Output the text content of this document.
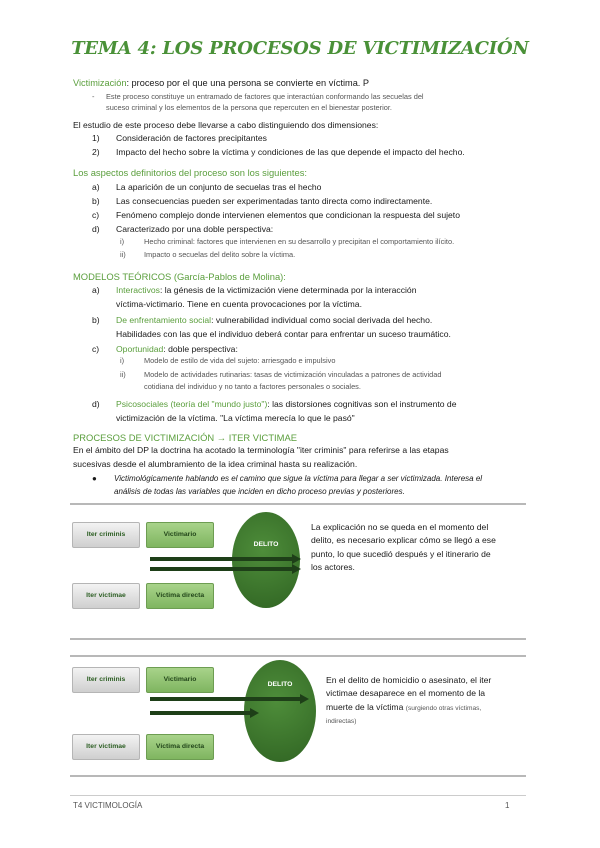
TEMA 4: LOS PROCESOS DE VICTIMIZACIÓN
Victimización: proceso por el que una persona se convierte en víctima. P
- Este proceso constituye un entramado de factores que interactúan conformando las secuelas del
suceso criminal y los elementos de la persona que repercuten en el bienestar posterior.
El estudio de este proceso debe llevarse a cabo distinguiendo dos dimensiones:
1) Consideración de factores precipitantes
2) Impacto del hecho sobre la víctima y condiciones de las que depende el impacto del hecho.
Los aspectos definitorios del proceso son los siguientes:
a) La aparición de un conjunto de secuelas tras el hecho
b) Las consecuencias pueden ser experimentadas tanto directa como indirectamente.
c) Fenómeno complejo donde intervienen elementos que condicionan la respuesta del sujeto
d) Caracterizado por una doble perspectiva:
i)	Hecho criminal: factores que intervienen en su desarrollo y precipitan el comportamiento ilícito.
ii) Impacto o secuelas del delito sobre la víctima.
MODELOS TEÓRICOS (García-Pablos de Molina):
a) Interactivos: la génesis de la victimización viene determinada por la interacción
víctima-victimario. Tiene en cuenta provocaciones por la víctima.
b) De enfrentamiento social: vulnerabilidad individual como social derivada del hecho.
Habilidades con las que el individuo deberá contar para enfrentar un suceso traumático.
c) Oportunidad: doble perspectiva:
i)	Modelo de estilo de vida del sujeto: arriesgado e impulsivo
ii) Modelo de actividades rutinarias: tasas de victimización vinculadas a patrones de actividad
cotidiana del individuo y no tanto a factores personales o sociales.
d) Psicosociales (teoría del "mundo justo"): las distorsiones cognitivas son el instrumento de
victimización de la víctima. "La víctima merecía lo que le pasó"
PROCESOS DE VICTIMIZACIÓN → ITER VICTIMAE
En el ámbito del DP la doctrina ha acotado la terminología "iter criminis" para referirse a las etapas
sucesivas desde el alumbramiento de la idea criminal hasta su realización.
● Victimológicamente hablando es el camino que sigue la víctima para llegar a ser victimizada. Interesa el
análisis de todas las variables que inciden en dicho proceso previas y posteriores.
DELITO
Iter criminis	Victimario
Iter victimae	Víctima directa
La explicación no se queda en el momento del
delito, es necesario explicar cómo se llegó a ese
punto, lo que sucedió después y el itinerario de
los actores.
DELITO
Iter criminis	Victimario
Iter victimae	Víctima directa
En el delito de homicidio o asesinato, el iter
victimae desaparece en el momento de la
muerte de la víctima (surgiendo otras víctimas,
indirectas)
T4 VICTIMOLOGÍA	1
